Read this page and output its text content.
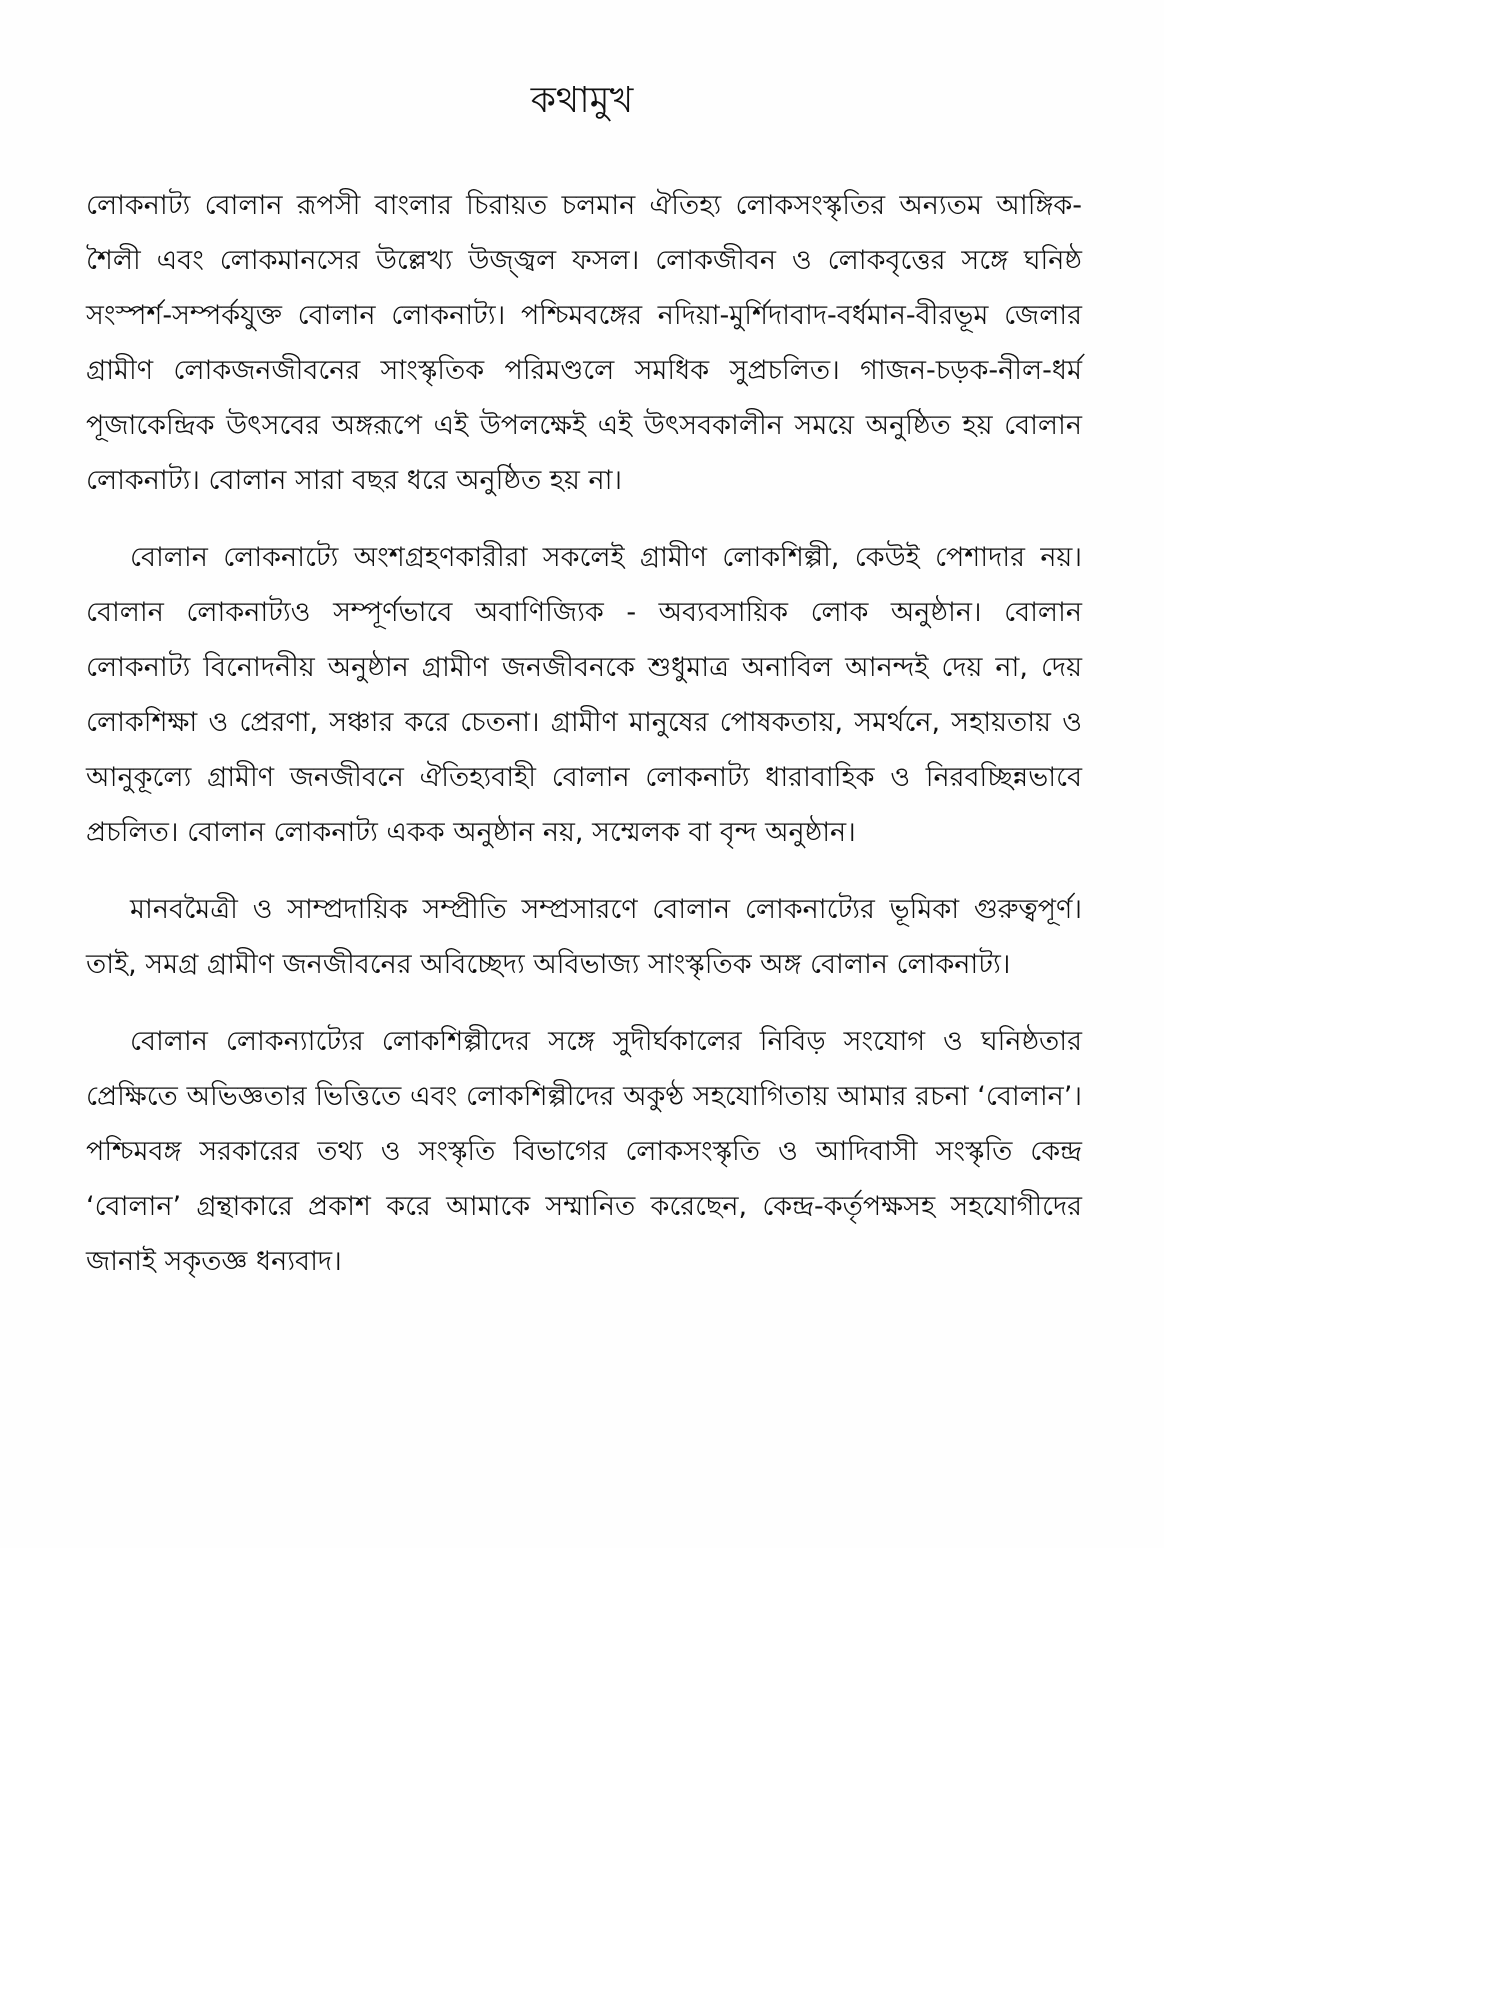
কথামুখ

লোকনাট্য বোলান রূপসী বাংলার চিরায়ত চলমান ঐতিহ্য লোকসংস্কৃতির অন্যতম আঙ্গিক-শৈলী এবং লোকমানসের উল্লেখ্য উজ্জ্বল ফসল। লোকজীবন ও লোকবৃত্তের সঙ্গে ঘনিষ্ঠ সংস্পর্শ-সম্পর্কযুক্ত বোলান লোকনাট্য। পশ্চিমবঙ্গের নদিয়া-মুর্শিদাবাদ-বর্ধমান-বীরভূম জেলার গ্রামীণ লোকজনজীবনের সাংস্কৃতিক পরিমণ্ডলে সমধিক সুপ্রচলিত। গাজন-চড়ক-নীল-ধর্ম পূজাকেন্দ্রিক উৎসবের অঙ্গরূপে এই উপলক্ষেই এই উৎসবকালীন সময়ে অনুষ্ঠিত হয় বোলান লোকনাট্য। বোলান সারা বছর ধরে অনুষ্ঠিত হয় না।

বোলান লোকনাট্যে অংশগ্রহণকারীরা সকলেই গ্রামীণ লোকশিল্পী, কেউই পেশাদার নয়। বোলান লোকনাট্যও সম্পূর্ণভাবে অবাণিজ্যিক - অব্যবসায়িক লোক অনুষ্ঠান। বোলান লোকনাট্য বিনোদনীয় অনুষ্ঠান গ্রামীণ জনজীবনকে শুধুমাত্র অনাবিল আনন্দই দেয় না, দেয় লোকশিক্ষা ও প্রেরণা, সঞ্চার করে চেতনা। গ্রামীণ মানুষের পোষকতায়, সমর্থনে, সহায়তায় ও আনুকূল্যে গ্রামীণ জনজীবনে ঐতিহ্যবাহী বোলান লোকনাট্য ধারাবাহিক ও নিরবচ্ছিন্নভাবে প্রচলিত। বোলান লোকনাট্য একক অনুষ্ঠান নয়, সম্মেলক বা বৃন্দ অনুষ্ঠান।

মানবমৈত্রী ও সাম্প্রদায়িক সম্প্রীতি সম্প্রসারণে বোলান লোকনাট্যের ভূমিকা গুরুত্বপূর্ণ। তাই, সমগ্র গ্রামীণ জনজীবনের অবিচ্ছেদ্য অবিভাজ্য সাংস্কৃতিক অঙ্গ বোলান লোকনাট্য।

বোলান লোকন্যাট্যের লোকশিল্পীদের সঙ্গে সুদীর্ঘকালের নিবিড় সংযোগ ও ঘনিষ্ঠতার প্রেক্ষিতে অভিজ্ঞতার ভিত্তিতে এবং লোকশিল্পীদের অকুণ্ঠ সহযোগিতায় আমার রচনা ‘বোলান’। পশ্চিমবঙ্গ সরকারের তথ্য ও সংস্কৃতি বিভাগের লোকসংস্কৃতি ও আদিবাসী সংস্কৃতি কেন্দ্র ‘বোলান’ গ্রন্থাকারে প্রকাশ করে আমাকে সম্মানিত করেছেন, কেন্দ্র-কর্তৃপক্ষসহ সহযোগীদের জানাই সকৃতজ্ঞ ধন্যবাদ।
